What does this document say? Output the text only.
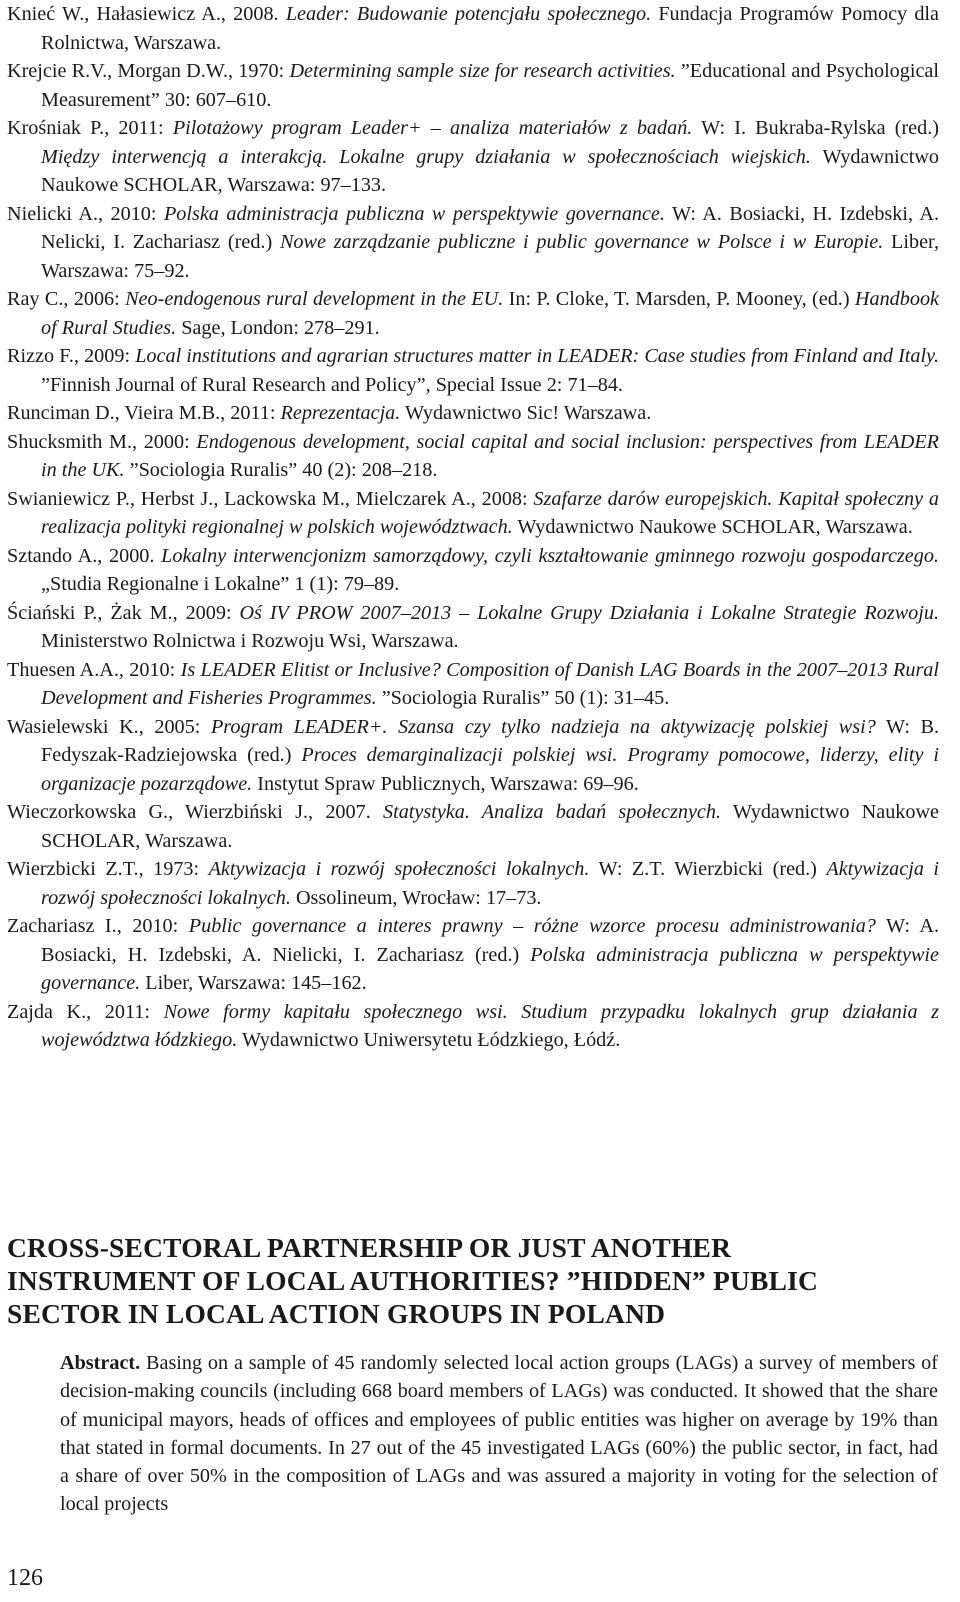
Knieć W., Hałasiewicz A., 2008. Leader: Budowanie potencjału społecznego. Fundacja Programów Pomocy dla Rolnictwa, Warszawa.

Krejcie R.V., Morgan D.W., 1970: Determining sample size for research activities. ”Educational and Psychological Measurement” 30: 607–610.

Krośniak P., 2011: Pilotażowy program Leader+ – analiza materiałów z badań. W: I. Bukraba-Rylska (red.) Między interwencją a interakcją. Lokalne grupy działania w społecznościach wiejskich. Wydawnictwo Naukowe SCHOLAR, Warszawa: 97–133.

Nielicki A., 2010: Polska administracja publiczna w perspektywie governance. W: A. Bosiacki, H. Izdebski, A. Nelicki, I. Zachariasz (red.) Nowe zarządzanie publiczne i public governance w Polsce i w Europie. Liber, Warszawa: 75–92.

Ray C., 2006: Neo-endogenous rural development in the EU. In: P. Cloke, T. Marsden, P. Mooney, (ed.) Handbook of Rural Studies. Sage, London: 278–291.

Rizzo F., 2009: Local institutions and agrarian structures matter in LEADER: Case studies from Finland and Italy. ”Finnish Journal of Rural Research and Policy”, Special Issue 2: 71–84.

Runciman D., Vieira M.B., 2011: Reprezentacja. Wydawnictwo Sic! Warszawa.

Shucksmith M., 2000: Endogenous development, social capital and social inclusion: perspectives from LEADER in the UK. ”Sociologia Ruralis” 40 (2): 208–218.

Swianiewicz P., Herbst J., Lackowska M., Mielczarek A., 2008: Szafarze darów europejskich. Kapitał społeczny a realizacja polityki regionalnej w polskich województwach. Wydawnictwo Naukowe SCHOLAR, Warszawa.

Sztando A., 2000. Lokalny interwencjonizm samorządowy, czyli kształtowanie gminnego rozwoju gospodarczego. „Studia Regionalne i Lokalne” 1 (1): 79–89.

Ściański P., Żak M., 2009: Oś IV PROW 2007–2013 – Lokalne Grupy Działania i Lokalne Strategie Rozwoju. Ministerstwo Rolnictwa i Rozwoju Wsi, Warszawa.

Thuesen A.A., 2010: Is LEADER Elitist or Inclusive? Composition of Danish LAG Boards in the 2007–2013 Rural Development and Fisheries Programmes. ”Sociologia Ruralis” 50 (1): 31–45.

Wasielewski K., 2005: Program LEADER+. Szansa czy tylko nadzieja na aktywizację polskiej wsi? W: B. Fedyszak-Radziejowska (red.) Proces demarginalizacji polskiej wsi. Programy pomocowe, liderzy, elity i organizacje pozarządowe. Instytut Spraw Publicznych, Warszawa: 69–96.

Wieczorkowska G., Wierzbiński J., 2007. Statystyka. Analiza badań społecznych. Wydawnictwo Naukowe SCHOLAR, Warszawa.

Wierzbicki Z.T., 1973: Aktywizacja i rozwój społeczności lokalnych. W: Z.T. Wierzbicki (red.) Aktywizacja i rozwój społeczności lokalnych. Ossolineum, Wrocław: 17–73.

Zachariasz I., 2010: Public governance a interes prawny – różne wzorce procesu administrowania? W: A. Bosiacki, H. Izdebski, A. Nielicki, I. Zachariasz (red.) Polska administracja publiczna w perspektywie governance. Liber, Warszawa: 145–162.

Zajda K., 2011: Nowe formy kapitału społecznego wsi. Studium przypadku lokalnych grup działania z województwa łódzkiego. Wydawnictwo Uniwersytetu Łódzkiego, Łódź.

CROSS-SECTORAL PARTNERSHIP OR JUST ANOTHER
INSTRUMENT OF LOCAL AUTHORITIES? ”HIDDEN” PUBLIC
SECTOR IN LOCAL ACTION GROUPS IN POLAND

Abstract. Basing on a sample of 45 randomly selected local action groups (LAGs) a survey of members of decision-making councils (including 668 board members of LAGs) was conducted. It showed that the share of municipal mayors, heads of offices and employees of public entities was higher on average by 19% than that stated in formal documents. In 27 out of the 45 investigated LAGs (60%) the public sector, in fact, had a share of over 50% in the composition of LAGs and was assured a majority in voting for the selection of local projects

126
